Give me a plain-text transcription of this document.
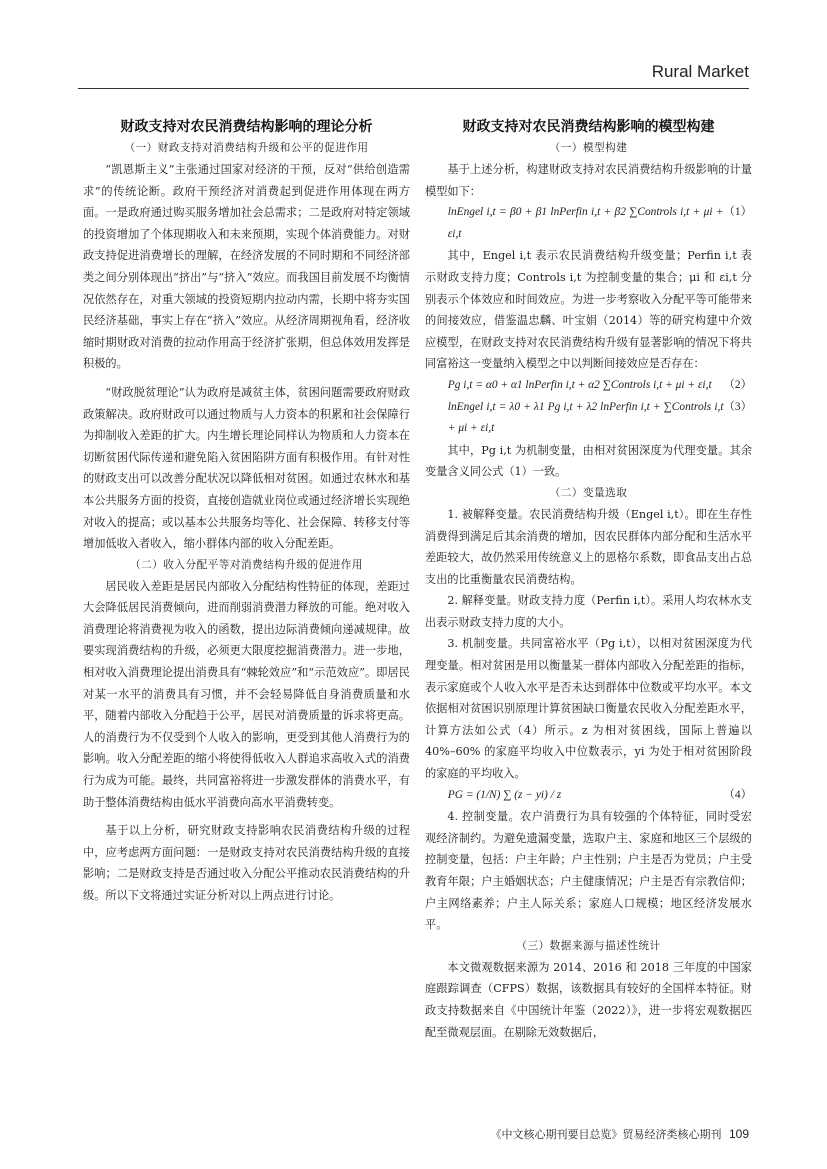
Rural Market
财政支持对农民消费结构影响的理论分析
（一）财政支持对消费结构升级和公平的促进作用

“凯恩斯主义”主张通过国家对经济的干预，反对“供给创造需求”的传统论断。政府干预经济对消费起到促进作用体现在两方面。一是政府通过购买服务增加社会总需求；二是政府对特定领域的投资增加了个体现期收入和未来预期，实现个体消费能力。对财政支持促进消费增长的理解，在经济发展的不同时期和不同经济部类之间分别体现出“挤出”与“挤入”效应。而我国目前发展不均衡情况依然存在，对重大领域的投资短期内拉动内需，长期中将夯实国民经济基础，事实上存在“挤入”效应。从经济周期视角看，经济收缩时期财政对消费的拉动作用高于经济扩张期，但总体效用发挥是积极的。

“财政脱贫理论”认为政府是减贫主体，贫困问题需要政府财政政策解决。政府财政可以通过物质与人力资本的积累和社会保障行为抑制收入差距的扩大。内生增长理论同样认为物质和人力资本在切断贫困代际传递和避免陷入贫困陷阱方面有积极作用。有针对性的财政支出可以改善分配状况以降低相对贫困。如通过农林水和基本公共服务方面的投资，直接创造就业岗位或通过经济增长实现绝对收入的提高；或以基本公共服务均等化、社会保障、转移支付等增加低收入者收入，缩小群体内部的收入分配差距。

（二）收入分配平等对消费结构升级的促进作用

居民收入差距是居民内部收入分配结构性特征的体现，差距过大会降低居民消费倾向，进而削弱消费潜力释放的可能。绝对收入消费理论将消费视为收入的函数，提出边际消费倾向递减规律。故要实现消费结构的升级，必须更大限度挖掘消费潜力。进一步地，相对收入消费理论提出消费具有“棘轮效应”和“示范效应”。即居民对某一水平的消费具有习惯，并不会轻易降低自身消费质量和水平，随着内部收入分配趋于公平，居民对消费质量的诉求将更高。人的消费行为不仅受到个人收入的影响，更受到其他人消费行为的影响。收入分配差距的缩小将使得低收入人群追求高收入式的消费行为成为可能。最终，共同富裕将进一步激发群体的消费水平，有助于整体消费结构由低水平消费向高水平消费转变。

基于以上分析，研究财政支持影响农民消费结构升级的过程中，应考虑两方面问题：一是财政支持对农民消费结构升级的直接影响；二是财政支持是否通过收入分配公平推动农民消费结构的升级。所以下文将通过实证分析对以上两点进行讨论。

财政支持对农民消费结构影响的模型构建
（一）模型构建

基于上述分析，构建财政支持对农民消费结构升级影响的计量模型如下：

lnEngel i,t = β0 + β1 lnPerfin i,t + β2 ∑Controls i,t + μi + εi,t
（1）

其中，Engel i,t 表示农民消费结构升级变量；Perfin i,t 表示财政支持力度；Controls i,t 为控制变量的集合；μi 和 εi,t 分别表示个体效应和时间效应。为进一步考察收入分配平等可能带来的间接效应，借鉴温忠麟、叶宝娟（2014）等的研究构建中介效应模型，在财政支持对农民消费结构升级有显著影响的情况下将共同富裕这一变量纳入模型之中以判断间接效应是否存在：

Pg i,t = α0 + α1 lnPerfin i,t + α2 ∑Controls i,t + μi + εi,t （2）
lnEngel i,t = λ0 + λ1 Pg i,t + λ2 lnPerfin i,t + ∑Controls i,t + μi + εi,t
（3）

其中，Pg i,t 为机制变量，由相对贫困深度为代理变量。其余变量含义同公式（1）一致。

（二）变量选取

1. 被解释变量。农民消费结构升级（Engel i,t）。即在生存性消费得到满足后其余消费的增加，因农民群体内部分配和生活水平差距较大，故仍然采用传统意义上的恩格尔系数，即食品支出占总支出的比重衡量农民消费结构。

2. 解释变量。财政支持力度（Perfin i,t）。采用人均农林水支出表示财政支持力度的大小。

3. 机制变量。共同富裕水平（Pg i,t），以相对贫困深度为代理变量。相对贫困是用以衡量某一群体内部收入分配差距的指标，表示家庭或个人收入水平是否未达到群体中位数或平均水平。本文依据相对贫困识别原理计算贫困缺口衡量农民收入分配差距水平，计算方法如公式（4）所示。z 为相对贫困线，国际上普遍以 40%–60% 的家庭平均收入中位数表示，yi 为处于相对贫困阶段的家庭的平均收入。

PG = (1/N) ∑ (z − yi) / z	（4）

4. 控制变量。农户消费行为具有较强的个体特征，同时受宏观经济制约。为避免遗漏变量，选取户主、家庭和地区三个层级的控制变量，包括：户主年龄；户主性别；户主是否为党员；户主受教育年限；户主婚姻状态；户主健康情况；户主是否有宗教信仰；户主网络素养；户主人际关系；家庭人口规模；地区经济发展水平。

（三）数据来源与描述性统计

本文微观数据来源为 2014、2016 和 2018 三年度的中国家庭跟踪调查（CFPS）数据，该数据具有较好的全国样本特征。财政支持数据来自《中国统计年鉴（2022）》，进一步将宏观数据匹配至微观层面。在剔除无效数据后，

《中文核心期刊要目总览》贸易经济类核心期刊 109
